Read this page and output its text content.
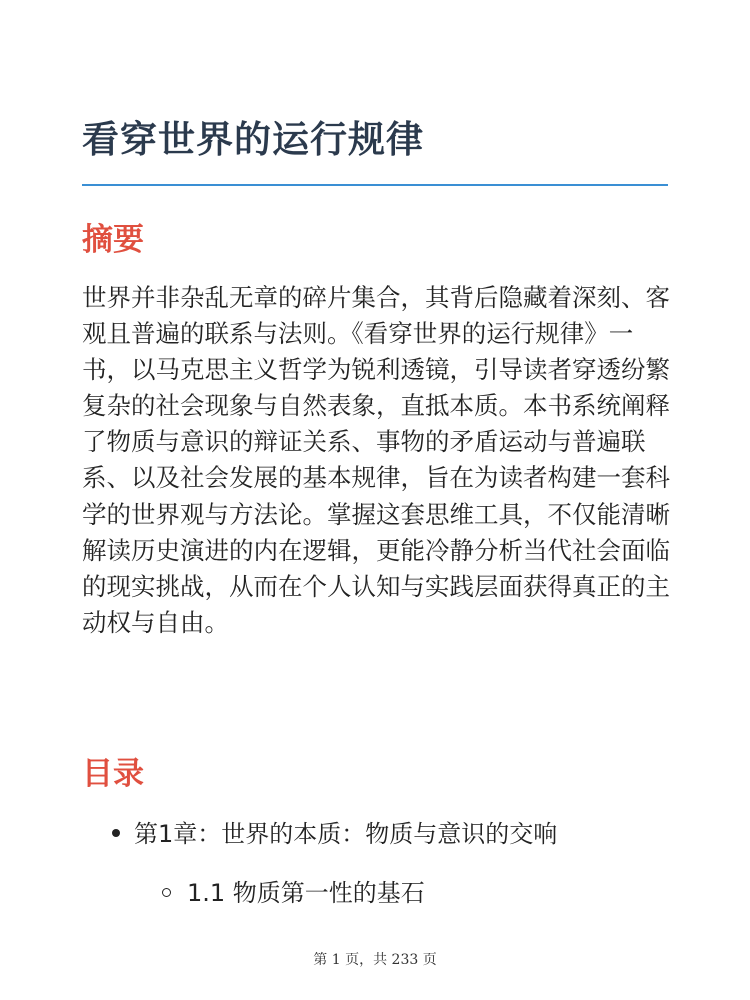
看穿世界的运行规律
摘要

世界并非杂乱无章的碎片集合，其背后隐藏着深刻、客观且普遍的联系与法则。《看穿世界的运行规律》一书，以马克思主义哲学为锐利透镜，引导读者穿透纷繁复杂的社会现象与自然表象，直抵本质。本书系统阐释了物质与意识的辩证关系、事物的矛盾运动与普遍联系、以及社会发展的基本规律，旨在为读者构建一套科学的世界观与方法论。掌握这套思维工具，不仅能清晰解读历史演进的内在逻辑，更能冷静分析当代社会面临的现实挑战，从而在个人认知与实践层面获得真正的主动权与自由。

目录
第1章：世界的本质：物质与意识的交响
1.1 物质第一性的基石
第 1 页，共 233 页
